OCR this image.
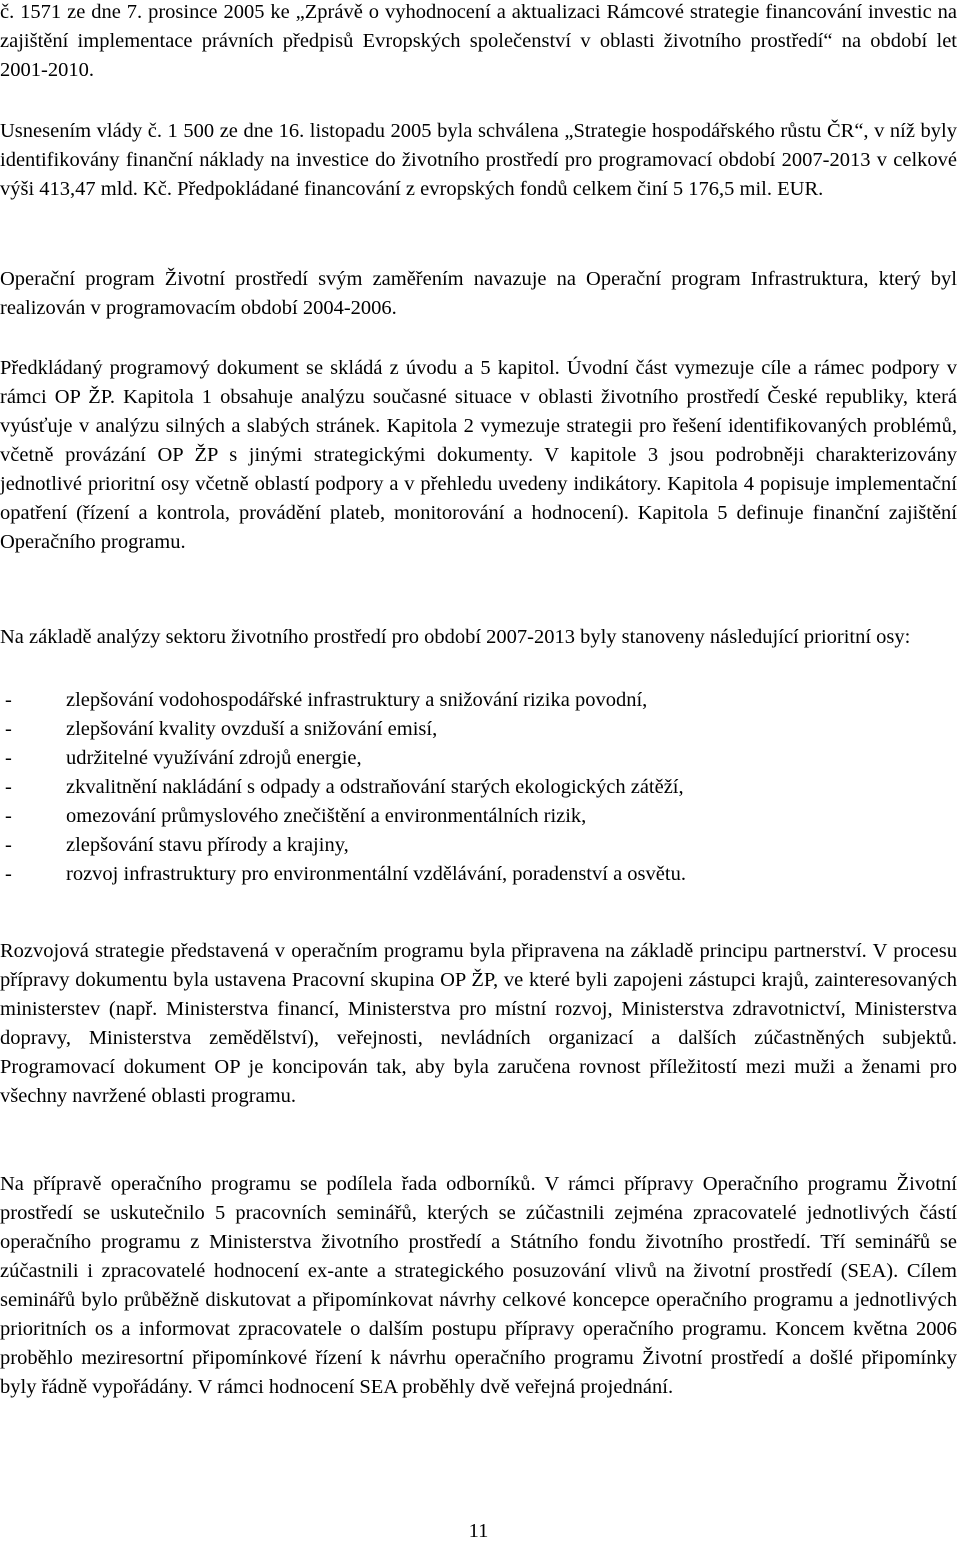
č. 1571 ze dne 7. prosince 2005 ke „Zprávě o vyhodnocení a aktualizaci Rámcové strategie financování investic na zajištění implementace právních předpisů Evropských společenství v oblasti životního prostředí“ na období let 2001-2010.

Usnesením vlády č. 1 500 ze dne 16. listopadu 2005 byla schválena „Strategie hospodářského růstu ČR“, v níž byly identifikovány finanční náklady na investice do životního prostředí pro programovací období 2007-2013 v celkové výši 413,47 mld. Kč. Předpokládané financování z evropských fondů celkem činí 5 176,5 mil. EUR.

Operační program Životní prostředí svým zaměřením navazuje na Operační program Infrastruktura, který byl realizován v programovacím období 2004-2006.

Předkládaný programový dokument se skládá z úvodu a 5 kapitol. Úvodní část vymezuje cíle a rámec podpory v rámci OP ŽP. Kapitola 1 obsahuje analýzu současné situace v oblasti životního prostředí České republiky, která vyúsťuje v analýzu silných a slabých stránek. Kapitola 2 vymezuje strategii pro řešení identifikovaných problémů, včetně provázání OP ŽP s jinými strategickými dokumenty. V kapitole 3 jsou podrobněji charakterizovány jednotlivé prioritní osy včetně oblastí podpory a v přehledu uvedeny indikátory. Kapitola 4 popisuje implementační opatření (řízení a kontrola, provádění plateb, monitorování a hodnocení). Kapitola 5 definuje finanční zajištění Operačního programu.

Na základě analýzy sektoru životního prostředí pro období 2007-2013 byly stanoveny následující prioritní osy:

-	zlepšování vodohospodářské infrastruktury a snižování rizika povodní,
-	zlepšování kvality ovzduší a snižování emisí,
-	udržitelné využívání zdrojů energie,
-	zkvalitnění nakládání s odpady a odstraňování starých ekologických zátěží,
-	omezování průmyslového znečištění a environmentálních rizik,
-	zlepšování stavu přírody a krajiny,
-	rozvoj infrastruktury pro environmentální vzdělávání, poradenství a osvětu.

Rozvojová strategie představená v operačním programu byla připravena na základě principu partnerství. V procesu přípravy dokumentu byla ustavena Pracovní skupina OP ŽP, ve které byli zapojeni zástupci krajů, zainteresovaných ministerstev (např. Ministerstva financí, Ministerstva pro místní rozvoj, Ministerstva zdravotnictví, Ministerstva dopravy, Ministerstva zemědělství), veřejnosti, nevládních organizací a dalších zúčastněných subjektů. Programovací dokument OP je koncipován tak, aby byla zaručena rovnost příležitostí mezi muži a ženami pro všechny navržené oblasti programu.

Na přípravě operačního programu se podílela řada odborníků. V rámci přípravy Operačního programu Životní prostředí se uskutečnilo 5 pracovních seminářů, kterých se zúčastnili zejména zpracovatelé jednotlivých částí operačního programu z Ministerstva životního prostředí a Státního fondu životního prostředí. Tří seminářů se zúčastnili i zpracovatelé hodnocení ex-ante a strategického posuzování vlivů na životní prostředí (SEA). Cílem seminářů bylo průběžně diskutovat a připomínkovat návrhy celkové koncepce operačního programu a jednotlivých prioritních os a informovat zpracovatele o dalším postupu přípravy operačního programu. Koncem května 2006 proběhlo meziresortní připomínkové řízení k návrhu operačního programu Životní prostředí a došlé připomínky byly řádně vypořádány. V rámci hodnocení SEA proběhly dvě veřejná projednání.

11
